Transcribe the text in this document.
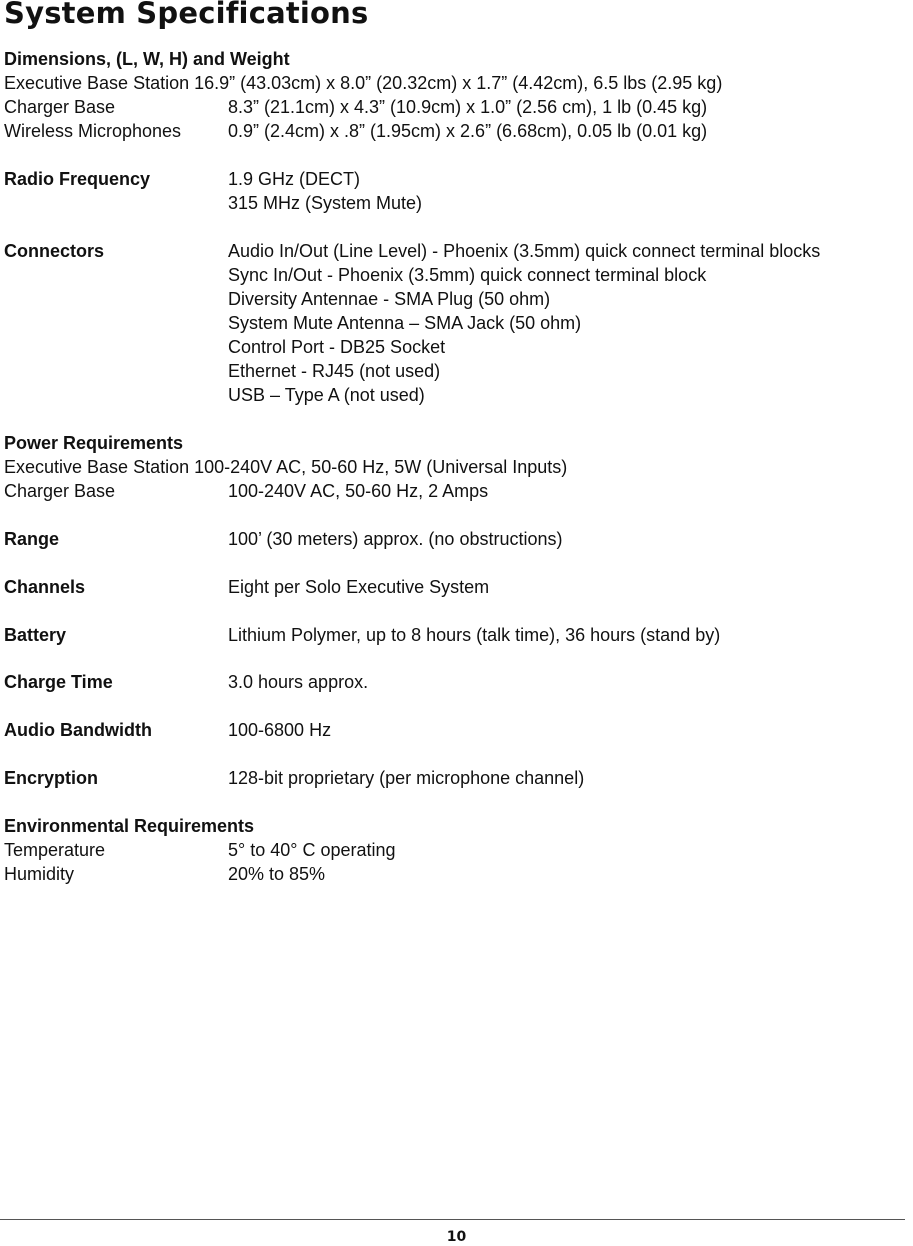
System Specifications
Dimensions, (L, W, H) and Weight
Executive Base Station 16.9” (43.03cm) x 8.0” (20.32cm) x 1.7” (4.42cm), 6.5 lbs (2.95 kg)
Charger Base	8.3” (21.1cm) x 4.3” (10.9cm) x 1.0” (2.56 cm), 1 lb (0.45 kg)
Wireless Microphones	0.9” (2.4cm) x .8” (1.95cm) x 2.6” (6.68cm), 0.05 lb (0.01 kg)
Radio Frequency	1.9 GHz (DECT)
315 MHz (System Mute)
Connectors	Audio In/Out (Line Level) - Phoenix (3.5mm) quick connect terminal blocks
Sync In/Out - Phoenix (3.5mm) quick connect terminal block
Diversity Antennae - SMA Plug (50 ohm)
System Mute Antenna – SMA Jack (50 ohm)
Control Port - DB25 Socket
Ethernet - RJ45 (not used)
USB – Type A (not used)
Power Requirements
Executive Base Station 100-240V AC, 50-60 Hz, 5W (Universal Inputs)
Charger Base	100-240V AC, 50-60 Hz, 2 Amps
Range	100’ (30 meters) approx. (no obstructions)
Channels	Eight per Solo Executive System
Battery	Lithium Polymer, up to 8 hours (talk time), 36 hours (stand by)
Charge Time	3.0 hours approx.
Audio Bandwidth	100-6800 Hz
Encryption	128-bit proprietary (per microphone channel)
Environmental Requirements
Temperature	5° to 40° C operating
Humidity	20% to 85%
10
